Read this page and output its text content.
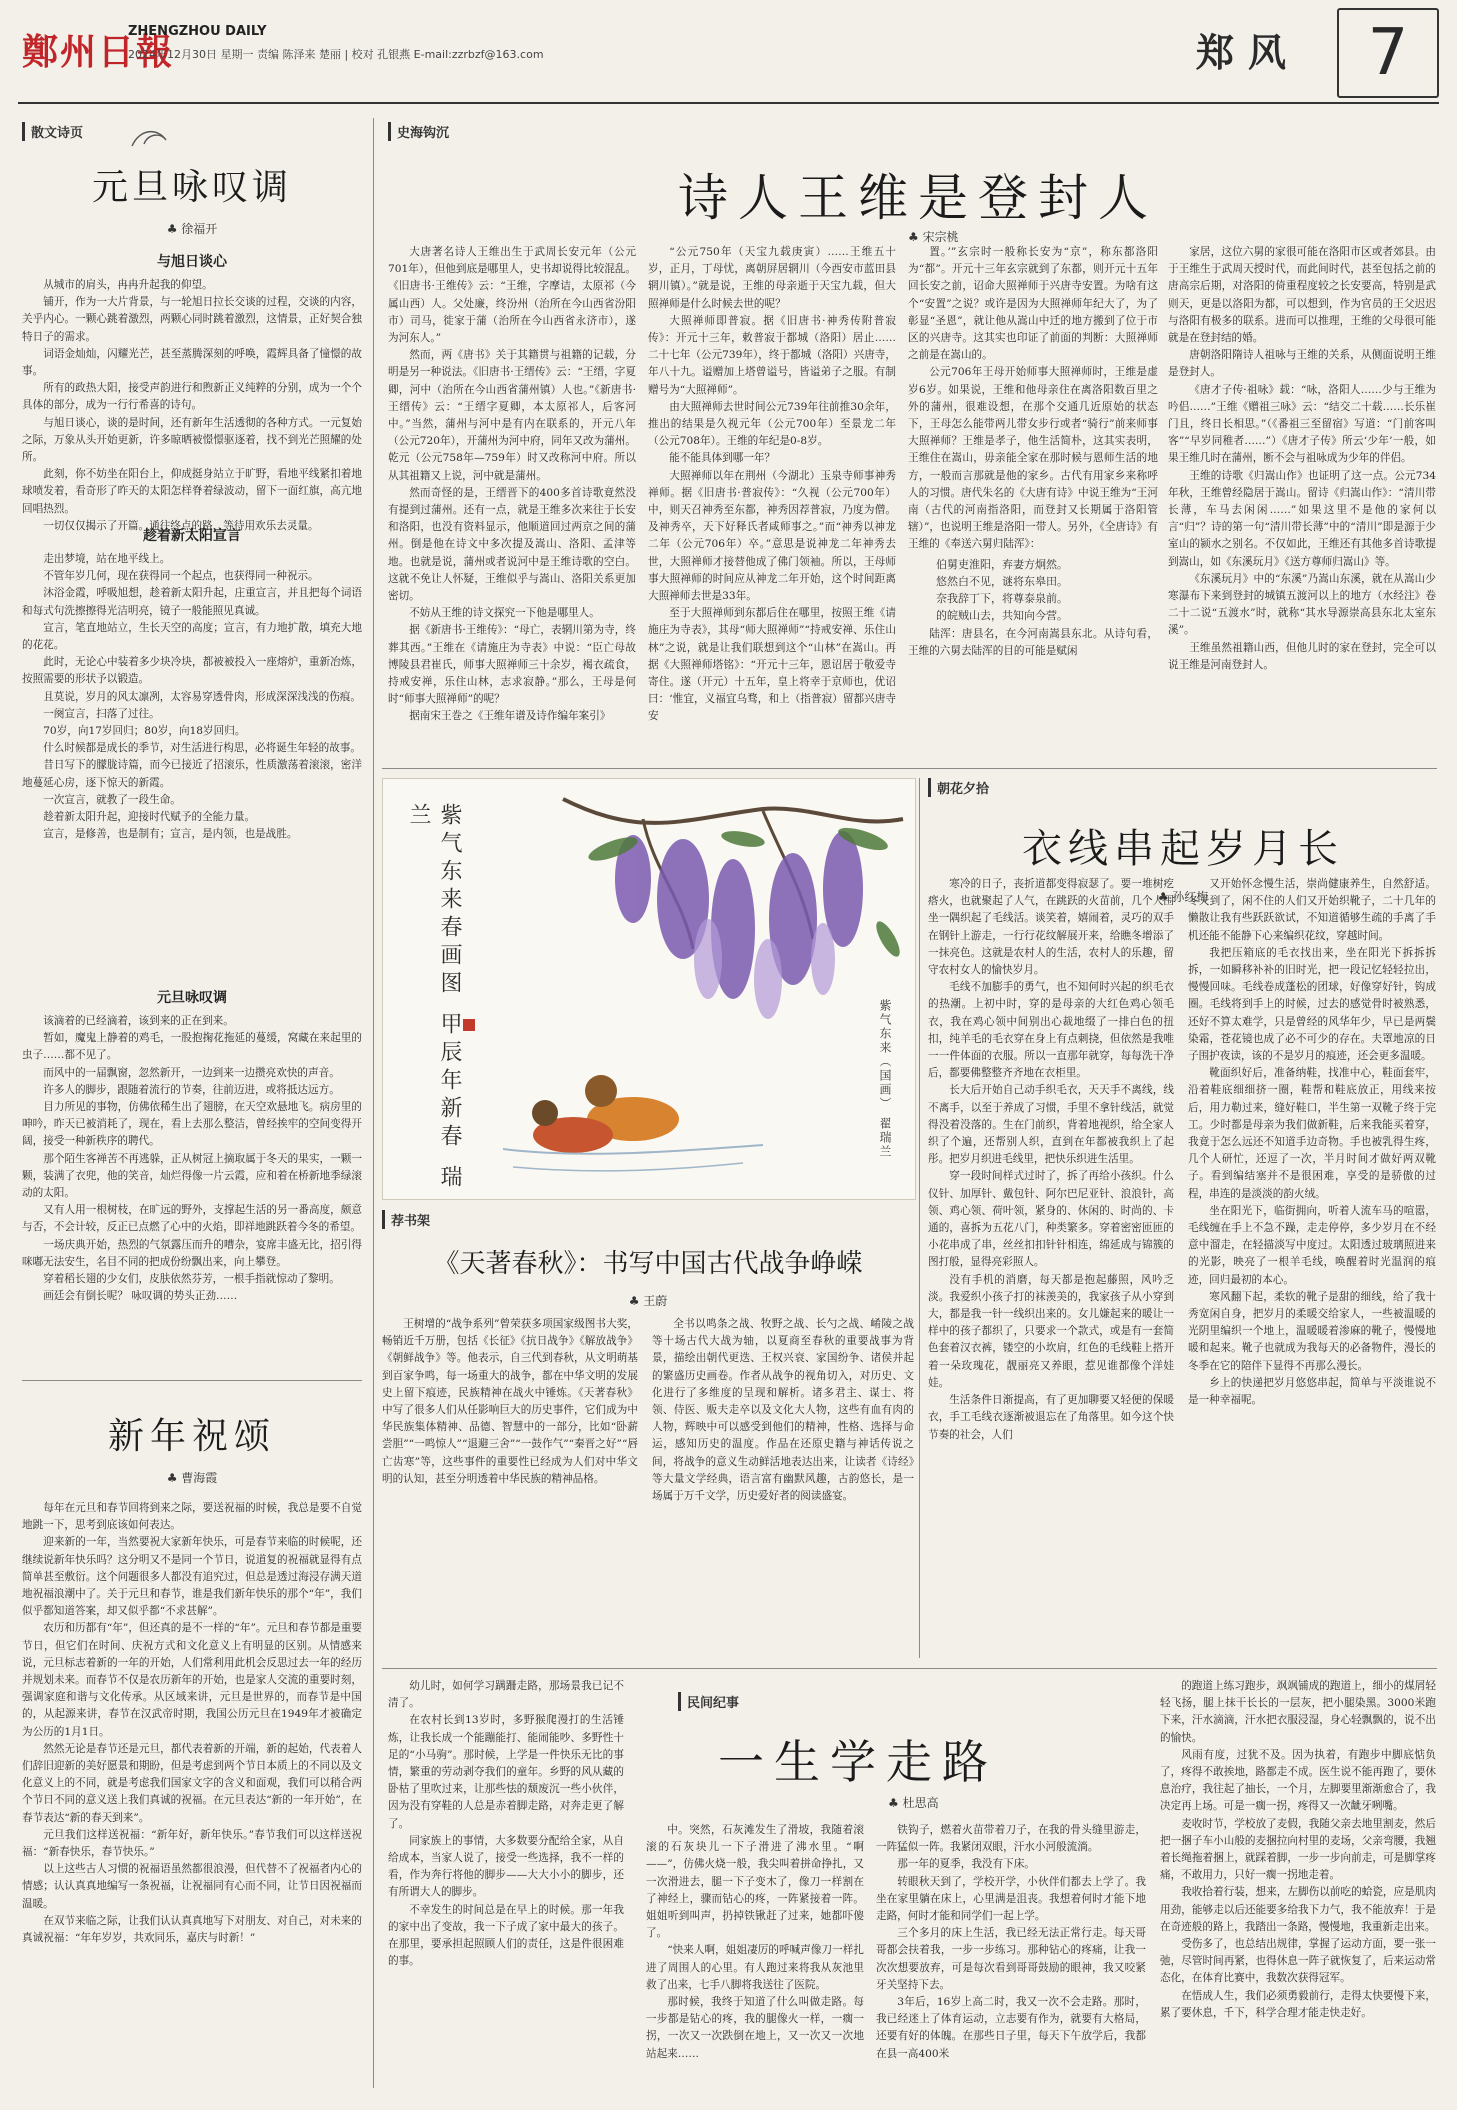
鄭州日報
ZHENGZHOU DAILY
2024年12月30日 星期一 责编 陈泽来 楚丽 | 校对 孔银燕 E-mail:zzrbzf@163.com	郑风	7
散文诗页
元旦咏叹调
♣ 徐福开
与旭日谈心

从城市的肩头，冉冉升起我的仰望。

铺开，作为一大片背景，与一轮旭日拉长交谈的过程，交谈的内容，关乎内心。一颗心跳着激烈，两颗心同时跳着激烈，这情景，正好契合独特日子的需求。

词语金灿灿，闪耀光芒，甚至蒸腾深刻的呼唤，霞辉具备了憧憬的故事。

所有的政热大阳，接受声韵进行和煦新正义纯粹的分别，成为一个个具体的部分，成为一行行希喜的诗句。

与旭日谈心，谈的是时间，还有新年生活透彻的各种方式。一元复始之际，万象从头开始更新，许多晾晒被憬憬驱逐着，找不到光芒照耀的处所。

此刻，你不妨坐在阳台上，仰成挺身站立于旷野，看地平线紧扣着地球喷发着，看奇形了昨天的太阳怎样脊着绿波动，留下一面红旗，高亢地回唱热烈。

一切仅仅揭示了开篇。通往终点的路，等待用欢乐去灵量。

趁着新太阳宣言

走出梦境，站在地平线上。

不管年岁几何，现在获得同一个起点，也获得同一种祝示。

沐浴金霞，呼吸旭想，趁着新太阳升起，庄重宣言，并且把每个词语和每式句洗擦擦得光洁明亮，镜子一般能照见真诚。

宣言，笔直地站立，生长天空的高度；宣言，有力地扩散，填充大地的花花。

此时，无论心中装着多少块冷块，都被被投入一座熔炉，重新冶炼，按照需要的形状予以锻造。

且莫说，岁月的风太凛冽，太容易穿透骨肉，形成深深浅浅的伤痕。

一阕宣言，扫落了过往。

70岁，向17岁回归；80岁，向18岁回归。

什么时候都是成长的季节，对生活进行构思，必将诞生年轻的故事。

昔日写下的朦胧诗篇，而今已接近了招滚乐，性质激荡着滚滚，密洋地蔓延心房，逐下惊天的新霞。

一次宣言，就教了一段生命。

趁着新太阳升起，迎接时代赋予的全能力量。

宣言，是修善，也是制有；宣言，是内领，也是战胜。

元旦咏叹调

该滴着的已经滴着，该到来的正在到来。

暂如，魔鬼上静着的鸡毛，一股抱掬花拖延的蔓缓，窝藏在来起里的虫子……都不见了。

而风中的一届飘窗，忽然新开，一边到来一边攒亮欢快的声音。

许多人的脚步，跟随着流行的节奏，往前迈进，或将抵达远方。

目力所见的事物，仿佛依稀生出了翅膀，在天空欢悬地飞。病房里的呻吟，昨天已被消耗了，现在，看上去那么整洁，曾经挨牢的空间变得开阔，接受一种新秩序的聘代。

那个陌生客禅苦不再逃躲，正从树冠上摘取属于冬天的果实，一颗一颗，装满了衣兜，他的笑音，灿烂得像一片云霞，应和着在桥新地季绿滚动的太阳。

又有人用一根树枝，在旷远的野外，支撑起生活的另一番高度，颇意与否，不会计较，反正已点燃了心中的火焰，即祥地跳跃着今冬的希望。

一场庆典开始，热烈的气氛露压而升的嘈杂，宴席丰盛无比，招引得咪嘟无法安生，名目不同的把成份纷飘出来，向上攀登。

穿着稻长翅的少女们，皮肤依然芬芳，一根手指就惊动了黎明。

画廷会有倒长呢？ 咏叹调的势头正劲……

新年祝颂
♣ 曹海霞

每年在元旦和春节回将到来之际，要送祝福的时候，我总是要不自觉地跳一下，思考到底该如何表达。

迎来新的一年，当然要祝大家新年快乐，可是春节来临的时候呢，还继续说新年快乐吗？这分明又不是同一个节日，说道复的祝福就显得有点简单甚至敷衍。这个问题很多人都没有追究过，但总是透过海浸存满天道地祝福浪潮中了。关于元旦和春节，谁是我们新年快乐的那个“年”，我们似乎都知道答案，却又似乎都“不求甚解”。

农历和历都有“年”，但还真的是不一样的“年”。元旦和春节都是重要节日，但它们在时间、庆祝方式和文化意义上有明显的区别。从情感来说，元旦标志着新的一年的开始，人们常利用此机会反思过去一年的经历并规划未来。而春节不仅是农历新年的开始，也是家人交流的重要时刻，强调家庭和谐与文化传承。从区域来讲，元旦是世界的，而春节是中国的，从起源来讲，春节在汉武帝时期，我国公历元旦在1949年才被确定为公历的1月1日。

然然无论是春节还是元旦，都代表着新的开端，新的起始，代表着人们辞旧迎新的美好愿景和期盼，但是考虑到两个节日本质上的不同以及文化意义上的不同，就是考虑我们国家文字的含义和面观，我们可以稍合两个节日不同的意义送上我们真诚的祝福。在元旦表达“新的一年开始”，在春节表达“新的春天到来”。

元旦我们这样送祝福：“新年好，新年快乐。”春节我们可以这样送祝福：“新春快乐，春节快乐。”

以上这些古人习惯的祝福语虽然都很浪漫，但代替不了祝福者内心的情感；认认真真地编写一条祝福，让祝福同有心而不同，让节日因祝福而温暖。

在双节来临之际，让我们认认真真地写下对朋友、对自己，对未来的真诚祝福：“年年岁岁，共欢同乐，嘉庆与时新！”

史海钩沉
诗人王维是登封人
♣ 宋宗桃

大唐著名诗人王维出生于武周长安元年（公元701年），但他到底是哪里人，史书却说得比较混乱。《旧唐书·王维传》云：“王维，字摩诘，太原祁（今属山西）人。父处廉，终汾州（治所在今山西省汾阳市）司马，徙家于蒲（治所在今山西省永济市），遂为河东人。”

然而，两《唐书》关于其籍贯与祖籍的记载，分明是另一种说法。《旧唐书·王缙传》云：“王缙，字夏卿，河中（治所在今山西省蒲州镇）人也。”《新唐书·王缙传》云：“王缙字夏卿，本太原祁人，后客河中。”当然，蒲州与河中是有内在联系的，开元八年（公元720年），开蒲州为河中府，同年又改为蒲州。乾元（公元758年—759年）时又改称河中府。所以从其祖籍又上说，河中就是蒲州。

然而奇怪的是，王缙晋下的400多首诗歌竟然没有提到过蒲州。还有一点，就是王维多次来往于长安和洛阳，也没有资料显示，他顺道回过两京之间的蒲州。倒是他在诗文中多次提及嵩山、洛阳、孟津等地。也就是说，蒲州或者说河中是王维诗歌的空白。这就不免让人怀疑，王维似乎与嵩山、洛阳关系更加密切。

不妨从王维的诗文探究一下他是哪里人。

据《新唐书·王维传》：“母亡，表辋川第为寺，终葬其西。”王维在《请施庄为寺表》中说：“臣亡母故博陵县君崔氏，师事大照禅师三十余岁，褐衣疏食，持戒安禅，乐住山林，志求寂静。”那么，王母是何时“师事大照禅师”的呢？

据南宋王巻之《王维年谱及诗作编年案引》

“公元750年（天宝九载庚寅）……王维五十岁，正月，丁母忧，离朝屏居辋川（今西安市蓝田县辋川镇）。”就是说，王维的母亲逝于天宝九载，但大照禅师是什么时候去世的呢？

大照禅师即普寂。据《旧唐书·神秀传附普寂传》：开元十三年，敕普寂于都城（洛阳）居止……二十七年（公元739年），终于都城（洛阳）兴唐寺，年八十九。谥赠加上塔曾谥号，皆谥弟子之服。有制赠号为“大照禅师”。

由大照禅师去世时间公元739年往前推30余年，推出的结果是久视元年（公元700年）至景龙二年（公元708年）。王维的年纪是0-8岁。

能不能具体到哪一年？

大照禅师以年在荆州（今湖北）玉泉寺师事神秀禅师。据《旧唐书·普寂传》：“久视（公元700年）中，则天召神秀至东都，神秀因荐普寂，乃度为僧。及神秀卒，天下好释氏者咸师事之。”而“神秀以神龙二年（公元706年）卒。”意思是说神龙二年神秀去世，大照禅师才接替他成了佛门领袖。所以，王母师事大照禅师的时间应从神龙二年开始，这个时间距离大照禅师去世是33年。

至于大照禅师到东都后住在哪里，按照王维《请施庄为寺表》，其母“师大照禅师”“持戒安禅、乐住山林”之说，就是让我们联想到这个“山林”在嵩山。再据《大照禅师塔铭》：“开元十三年，恩诏居于敬爱寺寄住。遂（开元）十五年，皇上将幸于京师也，优诏曰：‘惟宜，义福宜乌骛，和上（指普寂）留都兴唐寺安

置。’”玄宗时一般称长安为“京”，称东都洛阳为“都”。开元十三年玄宗就到了东都，则开元十五年回长安之前，诏命大照禅师于兴唐寺安置。为啥有这个“安置”之说？或许是因为大照禅师年纪大了，为了彰显“圣恩”，就让他从嵩山中迁的地方搬到了位于市区的兴唐寺。这其实也印证了前面的判断：大照禅师之前是在嵩山的。

公元706年王母开始师事大照禅师时，王维是虚岁6岁。如果说，王维和他母亲住在离洛阳数百里之外的蒲州，很难设想，在那个交通几近原始的状态下，王母怎么能带两儿带女步行或者“骑行”前来师事大照禅师？王维是孝子，他生活简朴，这其实表明，王维住在嵩山，毋亲能全家在那时候与恩师生活的地方，一般而言那就是他的家乡。古代有用家乡来称呼人的习惯。唐代朱名的《大唐有诗》中说王维为“王河南（古代的河南指洛阳，而登封又长期属于洛阳管辖）”，也说明王维是洛阳一带人。另外，《全唐诗》有王维的《奉送六舅归陆浑》：

伯舅吏淮阳，弃妻方炯然。
悠然白不见，谜将东皋田。
奈我辞丁下，将尊泰泉前。
的皖贼山去，共知向今营。

陆浑：唐县名，在今河南嵩县东北。从诗句看，王维的六舅去陆浑的目的可能是赋闲

家居，这位六舅的家很可能在洛阳市区或者郊县。由于王维生于武周天授时代，而此间时代，甚至包括之前的唐高宗后期，对洛阳的倚重程度较之长安要高，特别是武则天，更是以洛阳为都，可以想到，作为官员的王父迟迟与洛阳有极多的联系。进而可以推理，王维的父母很可能就是在登封结的婚。

唐朝洛阳隋诗人祖咏与王维的关系，从侧面说明王维是登封人。

《唐才子传·祖咏》载：“咏，洛阳人……少与王维为吟侣……”王维《赠祖三咏》云：“结交二十载……长乐崔门且，终日长相思。”（《番祖三至留宿》写道：“门前客叫客”“早岁同稚者……”）《唐才子传》所云‘少年’一般，如果王维几时在蒲州，断不会与祖咏成为少年的伴侣。

王维的诗歌《归嵩山作》也证明了这一点。公元734年秋，王维曾经隐居于嵩山。留诗《归嵩山作》：“清川带长薄，车马去闲闲……”如果这里不是他的家何以言“归”？诗的第一句“清川带长薄”中的“清川”即是源于少室山的颍水之别名。不仅如此，王维还有其他多首诗歌提到嵩山，如《东溪玩月》《送方尊师归嵩山》等。

《东溪玩月》中的“东溪”乃嵩山东溪，就在从嵩山少寒瀑布下来到登封的城镇五渡河以上的地方（水经注》卷二十二说“五渡水”时，就称“其水导源崇高县东北太室东溪”。

王维虽然祖籍山西，但他儿时的家在登封，完全可以说王维是河南登封人。

紫气东来春画图 甲辰年新春 瑞兰
紫气东来（国画） 翟瑞兰
朝花夕拾
衣线串起岁月长
♣ 孙红梅

寒冷的日子，丧折道都变得寂瑟了。要一堆树疙瘩火，也就聚起了人气，在跳跃的火苗前，几个人围坐一隅织起了毛线活。谈笑着，嬉闹着，灵巧的双手在钢针上游走，一行行花纹解展开来，给瞧冬增添了一抹亮色。这就是农村人的生活，农村人的乐趣，留守农村女人的愉快岁月。

毛线不加膨手的勇气，也不知何时兴起的织毛衣的热潮。上初中时，穿的是母亲的大红色鸡心领毛衣，我在鸡心领中间别出心裁地缀了一排白色的扭扣，纯羊毛的毛衣穿在身上有点刺挠，但依然是我唯一一件体面的衣服。所以一直那年就穿，每每洗干净后，都要佛整整齐齐地在衣柜里。

长大后开始自己动手织毛衣，天天手不离线，线不离手，以至于养成了习惯，手里不拿针线活，就觉得没着没落的。生在门前织，背着地视织，给全家人织了个遍，还帮别人织，直到在年都被我织上了起彤。把岁月织进毛线里，把快乐织进生活里。

穿一段时间样式过时了，拆了再给小孩织。什么仪针、加厚针、戴包针、阿尔巴尼亚针、浪浪针，高领、鸡心领、荷叶领，紧身的、休闲的、时尚的、卡通的，喜拆为五花八门，种类繁多。穿着密密匝匝的小花串成了串，丝丝扣扣针针相连，绵延成与锦簇的图打般，显得亮彩照人。

没有手机的消磨，每天都是抱起藤照，风吟乏淡。我爱织小孩子打的袜羡美的，我家孩子从小穿到大，都是我一针一线织出来的。女儿嫌起来的暖让一样中的孩子都织了，只要求一个款式，或是有一套简色套着汉衣裤，镂空的小坎肩，红色的毛线鞋上搭开着一朵玫瑰花，靓丽亮又养眼，惹见谁都像个洋娃娃。

生活条件日渐提高，有了更加聊要又轻便的保暖衣，手工毛线衣逐渐被退忘在了角落里。如今这个快节奏的社会，人们

又开始怀念慢生活，崇尚健康养生，自然舒适。冬天到了，闲不住的人们又开始织靴子，二十几年的懒散让我有些跃跃欲试，不知道循够生疏的手离了手机还能不能静下心来编织花纹，穿越时间。

我把压箱底的毛衣找出来，坐在阳光下拆拆拆拆，一如瞬移补补的旧时光，把一段记忆轻轻拉出，慢慢回味。毛线卷成蓬松的团球，好像穿好针，钩成圈。毛线将到手上的时候，过去的感觉骨时被熟悉，还好不算太难学，只是曾经的风华年少，早已是两鬓染霜，苍花镜也成了必不可少的存在。夫罩地凉的日子围护夜读，该的不是岁月的痕迹，还会更多温暖。

靴面织好后，准备纳鞋，找准中心，鞋面套牢，沿着鞋底细细挤一圈，鞋帮和鞋底放正，用线来按后，用力勒过来，缝好鞋口，半生第一双靴子终于完工。少时都是母亲为我们做新鞋，后来我能买着穿，我竟于怎么远还不知道手边奇物。手也被乳得生疼，几个人研忙，还逗了一次，半月时间才做好两双靴子。看到编结塞并不是很困难，享受的是骄傲的过程，串连的是淡淡的韵火绒。

坐在阳光下，临街拥向，听着人流车马的喧嚣，毛线缠在手上不急不躁，走走停停，多少岁月在不经意中溜走，在轻描淡写中度过。太阳透过玻璃照进来的光影，映亮了一根羊毛线，唤醒着时光温润的痕迹，回归最初的本心。

寒风翻下起，柔软的靴子是甜的细线，给了我十秀宽闲自身，把岁月的柔暖交给家人，一些被温暖的光阴里编织一个地上，温暖暖着渗麻的靴子，慢慢地暖和起来。靴子也就成为我每天的必备物件，漫长的冬季在它的陪伴下显得不再那么漫长。

乡上的快递把岁月悠悠串起，简单与平淡谁说不是一种幸福呢。

荐书架
《天著春秋》：书写中国古代战争峥嵘
♣ 王蔚

王树增的“战争系列”曾荣获多项国家级图书大奖，畅销近千万册，包括《长征》《抗日战争》《解放战争》《朝鲜战争》等。他表示，自三代到春秋，从文明萌基到百家争鸣，每一场重大的战争，都在中华文明的发展史上留下痕迹，民族精神在战火中锤炼。《天著春秋》中写了很多人们从任影响巨大的历史事件，它们成为中华民族集体精神、品德、智慧中的一部分，比如“卧薪尝胆”“一鸣惊人”“退避三舍”“一鼓作气”“秦晋之好”“唇亡齿寒”等，这些事件的重要性已经成为人们对中华文明的认知，甚至分明透着中华民族的精神品格。

全书以鸣条之战、牧野之战、长勺之战、崤陵之战等十场古代大战为轴，以夏商至春秋的重要战事为背景，描绘出朝代更迭、王权兴衰、家国纷争、诸侯并起的繁盛历史画卷。作者从战争的视角切入，对历史、文化进行了多维度的呈现和解析。诸多君主、谋士、将领、侍医、贩夫走卒以及文化大人物，这些有血有肉的人物，辉映中可以感受到他们的精神，性格、选择与命运，感知历史的温度。作品在还原史籍与神话传说之间，将战争的意义生动鲜活地表达出来，让读者《诗经》等大量文学经典，语言富有幽默风趣，古韵悠长，是一场属于万千文学，历史爱好者的阅读盛宴。

民间纪事
一生学走路
♣ 杜思高

幼儿时，如何学习蹒跚走路，那场景我已记不清了。

在农村长到13岁时，多野猴爬漫打的生活锤炼，让我长成一个能蹦能打、能闹能吵、多野性十足的“小马驹”。那时候，上学是一件快乐无比的事情，繁重的劳动剥夺我们的童年。乡野的风从藏的卧枯了里吹过来，让那些怯的颓废沉一些小伙伴，因为没有穿鞋的人总是赤着脚走路，对奔走更了解了。

同家族上的事情，大多数要分配给全家，从自给成本，当家人说了，接受一些选择，我不一样的看，作为奔行将他的脚步——大大小小的脚步，还有所谓大人的脚步。

不幸发生的时间总是在早上的时候。那一年我的家中出了变故，我一下子成了家中最大的孩子。在那里，要承担起照顾人们的责任，这是件很困难的事。

中。突然，石灰滩发生了滑坡，我随着滚滚的石灰块儿一下子滑进了沸水里。“啊——”，仿佛火烧一般，我尖叫着拼命挣扎，又一次滑进去，腿一下子变木了，像刀一样割在了神经上，骤而钻心的疼，一阵紧接着一阵。姐姐听到叫声，扔掉铁锹赶了过来，她都吓傻了。

“快来人啊，姐姐凄厉的呼喊声像刀一样扎进了周围人的心里。有人跑过来将我从灰池里救了出来，七手八脚将我送往了医院。

那时候，我终于知道了什么叫做走路。每一步都是钻心的疼，我的腿像火一样，一瘸一拐，一次又一次跌倒在地上，又一次又一次地站起来……

铁钩子，燃着火苗带着刀子，在我的骨头缝里游走，一阵猛似一阵。我紧闭双眼，汗水小河般流淌。

那一年的夏季，我没有下床。

转眼秋天到了，学校开学，小伙伴们都去上学了。我坐在家里躺在床上，心里满是沮丧。我想着何时才能下地走路，何时才能和同学们一起上学。

三个多月的床上生活，我已经无法正常行走。每天哥哥都会扶着我，一步一步练习。那种钻心的疼痛，让我一次次想要放弃，可是每次看到哥哥鼓励的眼神，我又咬紧牙关坚持下去。

3年后，16岁上高二时，我又一次不会走路。那时，我已经迷上了体育运动，立志要有作为，就要有大格局，还要有好的体魄。在那些日子里，每天下午放学后，我都在县一高400米

的跑道上练习跑步，飒飒铺成的跑道上，细小的煤屑轻轻飞扬，腿上抹干长长的一层灰，把小腿染黑。3000米跑下来，汗水滴滴，汗水把衣服浸湿，身心轻飘飘的，说不出的愉快。

风雨有度，过犹不及。因为执着，有跑步中脚底惦负了，疼得不敢挨地，路都走不成。医生说不能再跑了，要休息治疗，我往起了抽长，一个月，左脚要里渐渐愈合了，我决定再上场。可是一瘸一拐，疼得又一次龇牙咧嘴。

麦收时节，学校放了麦假，我随父亲去地里割麦，然后把一捆子车小山般的麦捆拉向村里的麦场，父亲弯腰，我翘着长绳拖着捆上，就踩着脚，一步一步向前走，可是脚掌疼痛，不敢用力，只好一瘸一拐地走着。

我收拾着行装，想来，左脚伤以前吃的蛤瓷，应是肌肉用劲，能够走以后还能要多给我下力气，我不能放弃！于是在奇迹般的路上，我踏出一条路，慢慢地，我重新走出来。

受伤多了，也总结出规律，掌握了运动方面，要一张一弛，尽管时间再紧，也得休息一阵子就恢复了，后来运动常态化，在体育比赛中，我数次获得冠军。

在悟成人生，我们必须勇毅前行，走得太快要慢下来，累了要休息，千下，科学合理才能走快走好。
